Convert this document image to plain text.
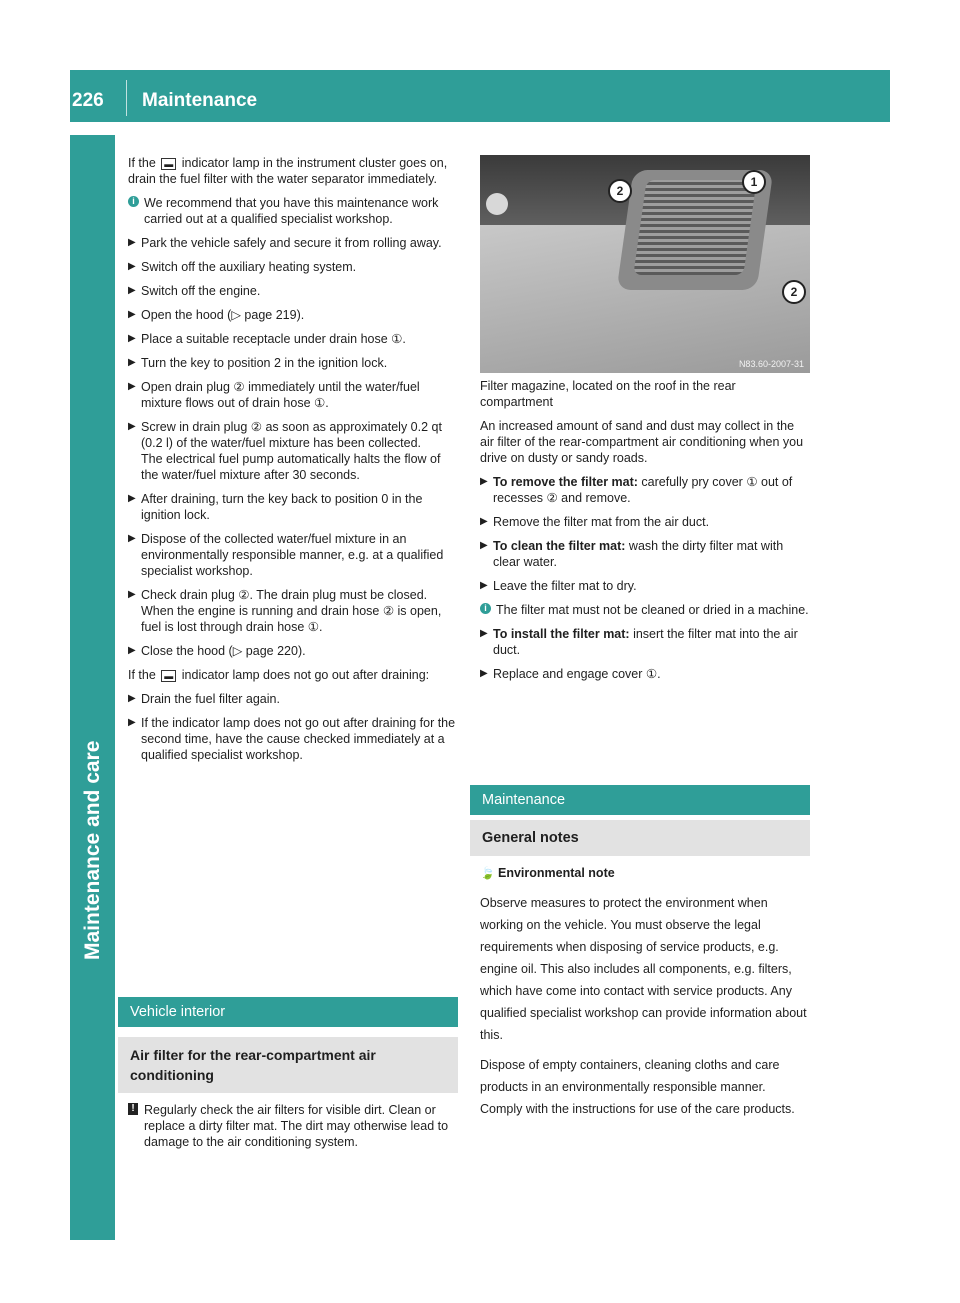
226 Maintenance
Maintenance and care

If the ▬ indicator lamp in the instrument cluster goes on, drain the fuel filter with the water separator immediately.

i We recommend that you have this maintenance work carried out at a qualified specialist workshop.
▶ Park the vehicle safely and secure it from rolling away.
▶ Switch off the auxiliary heating system.
▶ Switch off the engine.
▶ Open the hood (▷ page 219).
▶ Place a suitable receptacle under drain hose ①.
▶ Turn the key to position 2 in the ignition lock.
▶ Open drain plug ② immediately until the water/fuel mixture flows out of drain hose ①.
▶ Screw in drain plug ② as soon as approximately 0.2 qt (0.2 l) of the water/fuel mixture has been collected.
The electrical fuel pump automatically halts the flow of the water/fuel mixture after 30 seconds.
▶ After draining, turn the key back to position 0 in the ignition lock.
▶ Dispose of the collected water/fuel mixture in an environmentally responsible manner, e.g. at a qualified specialist workshop.
▶ Check drain plug ②. The drain plug must be closed.
When the engine is running and drain hose ② is open, fuel is lost through drain hose ①.
▶ Close the hood (▷ page 220).

If the ▬ indicator lamp does not go out after draining:

▶ Drain the fuel filter again.
▶ If the indicator lamp does not go out after draining for the second time, have the cause checked immediately at a qualified specialist workshop.
Vehicle interior
Air filter for the rear-compartment air conditioning
! Regularly check the air filters for visible dirt. Clean or replace a dirty filter mat. The dirt may otherwise lead to damage to the air conditioning system.
1
2
2
N83.60-2007-31

Filter magazine, located on the roof in the rear compartment

An increased amount of sand and dust may collect in the air filter of the rear-compartment air conditioning when you drive on dusty or sandy roads.

▶ To remove the filter mat: carefully pry cover ① out of recesses ② and remove.
▶ Remove the filter mat from the air duct.
▶ To clean the filter mat: wash the dirty filter mat with clear water.
▶ Leave the filter mat to dry.
i The filter mat must not be cleaned or dried in a machine.
▶ To install the filter mat: insert the filter mat into the air duct.
▶ Replace and engage cover ①.
Maintenance
General notes
🍃 Environmental note

Observe measures to protect the environment when working on the vehicle. You must observe the legal requirements when disposing of service products, e.g. engine oil. This also includes all components, e.g. filters, which have come into contact with service products. Any qualified specialist workshop can provide information about this.

Dispose of empty containers, cleaning cloths and care products in an environmentally responsible manner. Comply with the instructions for use of the care products.
